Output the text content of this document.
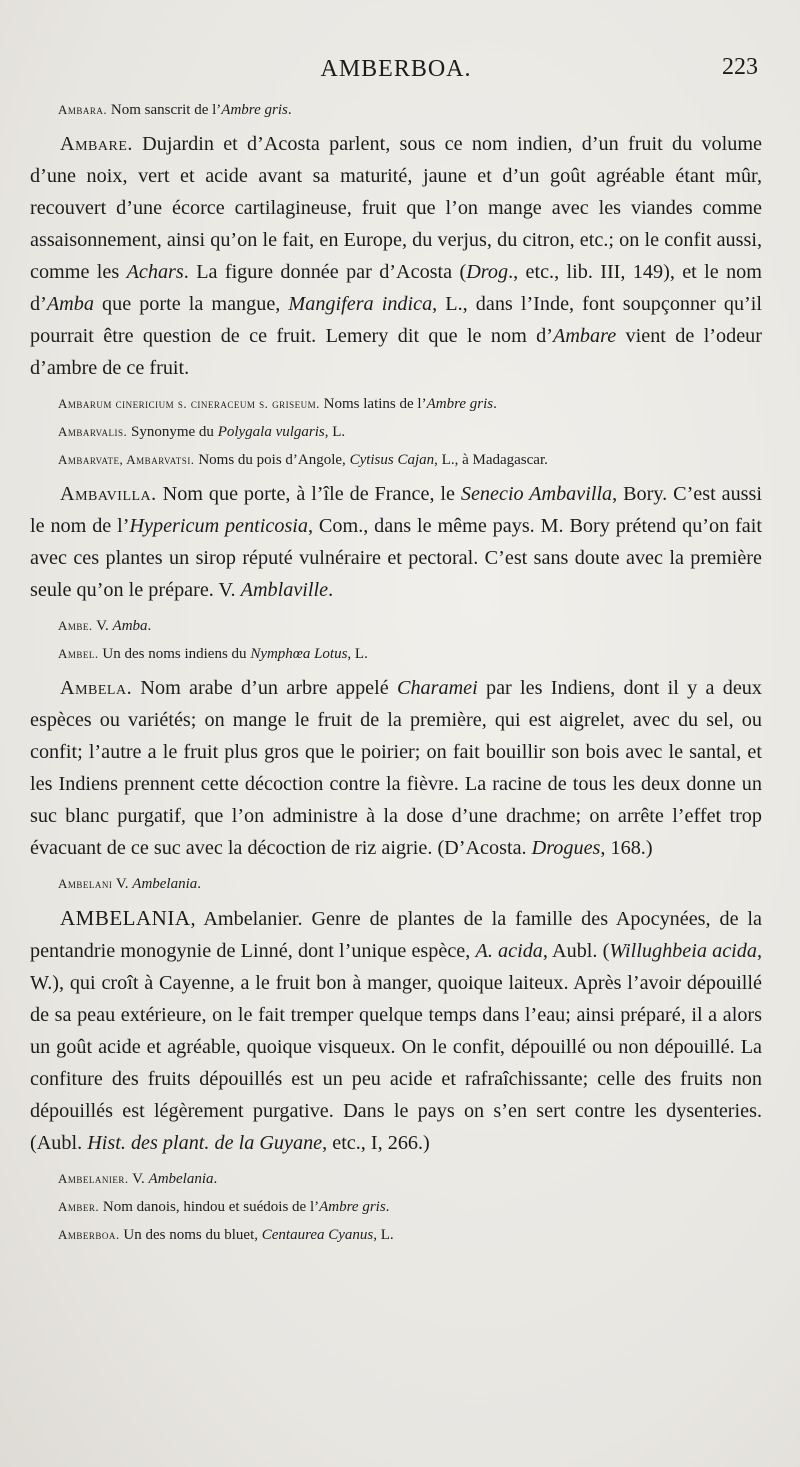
AMBERBOA.	223

Ambara. Nom sanscrit de l’Ambre gris.

Ambare. Dujardin et d’Acosta parlent, sous ce nom indien, d’un fruit du volume d’une noix, vert et acide avant sa maturité, jaune et d’un goût agréable étant mûr, recouvert d’une écorce cartilagineuse, fruit que l’on mange avec les viandes comme assaisonnement, ainsi qu’on le fait, en Europe, du verjus, du citron, etc.; on le confit aussi, comme les Achars. La figure donnée par d’Acosta (Drog., etc., lib. III, 149), et le nom d’Amba que porte la mangue, Mangifera indica, L., dans l’Inde, font soupçonner qu’il pourrait être question de ce fruit. Lemery dit que le nom d’Ambare vient de l’odeur d’ambre de ce fruit.

Ambarum cinericium s. cineraceum s. griseum. Noms latins de l’Ambre gris.

Ambarvalis. Synonyme du Polygala vulgaris, L.

Ambarvate, Ambarvatsi. Noms du pois d’Angole, Cytisus Cajan, L., à Madagascar.

Ambavilla. Nom que porte, à l’île de France, le Senecio Ambavilla, Bory. C’est aussi le nom de l’Hypericum penticosia, Com., dans le même pays. M. Bory prétend qu’on fait avec ces plantes un sirop réputé vulnéraire et pectoral. C’est sans doute avec la première seule qu’on le prépare. V. Amblaville.

Ambe. V. Amba.

Ambel. Un des noms indiens du Nymphœa Lotus, L.

Ambela. Nom arabe d’un arbre appelé Charamei par les Indiens, dont il y a deux espèces ou variétés; on mange le fruit de la première, qui est aigrelet, avec du sel, ou confit; l’autre a le fruit plus gros que le poirier; on fait bouillir son bois avec le santal, et les Indiens prennent cette décoction contre la fièvre. La racine de tous les deux donne un suc blanc purgatif, que l’on administre à la dose d’une drachme; on arrête l’effet trop évacuant de ce suc avec la décoction de riz aigrie. (D’Acosta. Drogues, 168.)

Ambelani V. Ambelania.

AMBELANIA, Ambelanier. Genre de plantes de la famille des Apocynées, de la pentandrie monogynie de Linné, dont l’unique espèce, A. acida, Aubl. (Willughbeia acida, W.), qui croît à Cayenne, a le fruit bon à manger, quoique laiteux. Après l’avoir dépouillé de sa peau extérieure, on le fait tremper quelque temps dans l’eau; ainsi préparé, il a alors un goût acide et agréable, quoique visqueux. On le confit, dépouillé ou non dépouillé. La confiture des fruits dépouillés est un peu acide et rafraîchissante; celle des fruits non dépouillés est légèrement purgative. Dans le pays on s’en sert contre les dysenteries. (Aubl. Hist. des plant. de la Guyane, etc., I, 266.)

Ambelanier. V. Ambelania.

Amber. Nom danois, hindou et suédois de l’Ambre gris.

Amberboa. Un des noms du bluet, Centaurea Cyanus, L.
